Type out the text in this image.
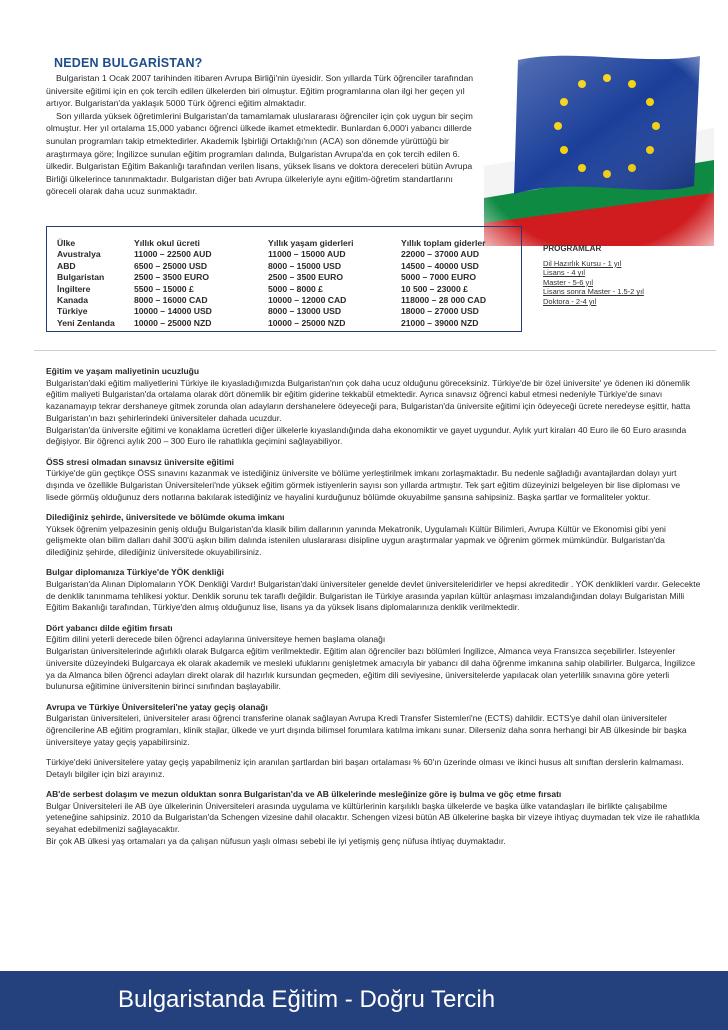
NEDEN BULGARİSTAN?

Bulgaristan 1 Ocak 2007 tarihinden itibaren Avrupa Birliği'nin üyesidir. Son yıllarda Türk öğrenciler tarafından üniversite eğitimi için en çok tercih edilen ülkelerden biri olmuştur. Eğitim programlarına olan ilgi her geçen yıl artıyor. Bulgaristan'da yaklaşık 5000 Türk öğrenci eğitim almaktadır.

Son yıllarda yüksek öğretimlerini Bulgaristan'da tamamlamak uluslararası öğrenciler için çok uygun bir seçim olmuştur. Her yıl ortalama 15,000 yabancı öğrenci ülkede ikamet etmektedir. Bunlardan 6,000'i yabancı dillerde sunulan programları takip etmektedirler. Akademik İşbirliği Ortaklığı'nın (ACA) son dönemde yürüttüğü bir araştırmaya göre; İngilizce sunulan eğitim programları dalında, Bulgaristan Avrupa'da en çok tercih edilen 6. ülkedir. Bulgaristan Eğitim Bakanlığı tarafından verilen lisans, yüksek lisans ve doktora dereceleri bütün Avrupa Birliği ülkelerince tanınmaktadır. Bulgaristan diğer batı Avrupa ülkeleriyle aynı eğitim-öğretim standartlarını göreceli olarak daha ucuz sunmaktadır.

Ülke	Yıllık okul ücreti	Yıllık yaşam giderleri	Yıllık toplam giderler
Avustralya	11000 – 22500 AUD	11000 – 15000 AUD	22000 – 37000 AUD
ABD	6500 – 25000 USD	8000 – 15000 USD	14500 – 40000 USD
Bulgaristan	2500 – 3500 EURO	2500 – 3500 EURO	5000 – 7000 EURO
İngiltere	5500 – 15000 £	5000 – 8000 £	10 500 – 23000 £
Kanada	8000 – 16000 CAD	10000 – 12000 CAD	118000 – 28 000 CAD
Türkiye	10000 – 14000 USD	8000 – 13000 USD	18000 – 27000 USD
Yeni Zenlanda	10000 – 25000 NZD	10000 – 25000 NZD	21000 – 39000 NZD
PROGRAMLAR
Dil Hazırlık Kursu - 1 yıl
Lisans - 4 yıl
Master - 5-6 yıl
Lisans sonra Master - 1.5-2 yıl
Doktora - 2-4 yıl
Eğitim ve yaşam maliyetinin ucuzluğu
Bulgaristan'daki eğitim maliyetlerini Türkiye ile kıyasladığımızda Bulgaristan'nın çok daha ucuz olduğunu göreceksiniz. Türkiye'de bir özel üniversite' ye ödenen iki dönemlik eğitim maliyeti Bulgaristan'da ortalama olarak dört dönemlik bir eğitim giderine tekkabül etmektedir. Ayrıca sınavsız öğrenci kabul etmesi nedeniyle Türkiye'de sınavı kazanamayıp tekrar dershaneye gitmek zorunda olan adayların dershanelere ödeyeceği para, Bulgaristan'da üniversite eğitimi için ödeyeceği ücrete neredeyse eşittir, hatta Bulgaristan'ın bazı şehirlerindeki üniversiteler dahada ucuzdur.
Bulgaristan'da üniversite eğitimi ve konaklama ücretleri diğer ülkelerle kıyaslandığında daha ekonomiktir ve gayet uygundur. Aylık yurt kiraları 40 Euro ile 60 Euro arasında değişiyor. Bir öğrenci aylık 200 – 300 Euro ile rahatlıkla geçimini sağlayabiliyor.
ÖSS stresi olmadan sınavsız üniversite eğitimi
Türkiye'de gün geçtikçe ÖSS sınavını kazanmak ve istediğiniz üniversite ve bölüme yerleştirilmek imkanı zorlaşmaktadır. Bu nedenle sağladığı avantajlardan dolayı yurt dışında ve özellikle Bulgaristan Üniversiteleri'nde yüksek eğitim görmek istiyenlerin sayısı son yıllarda artmıştır. Tek şart eğitim düzeyinizi belgeleyen bir lise diploması ve lisede görmüş olduğunuz ders notlarına bakılarak istediğiniz ve hayalini kurduğunuz bölümde okuyabilme şansına sahipsiniz. Başka şartlar ve formaliteler yoktur.
Dilediğiniz şehirde, üniversitede ve bölümde okuma imkanı
Yüksek öğrenim yelpazesinin geniş olduğu Bulgaristan'da klasik bilim dallarının yanında Mekatronik, Uygulamalı Kültür Bilimleri, Avrupa Kültür ve Ekonomisi gibi yeni gelişmekte olan bilim dalları dahil 300'ü aşkın bilim dalında istenilen uluslararası disipline uygun araştırmalar yapmak ve öğrenim görmek mümkündür. Bulgaristan'da dilediğiniz şehirde, dilediğiniz üniversitede okuyabilirsiniz.
Bulgar diplomanıza Türkiye'de YÖK denkliği
Bulgaristan'da Alınan Diplomaların YÖK Denkliği Vardır! Bulgaristan'daki üniversiteler genelde devlet üniversiteleridirler ve hepsi akreditedir . YÖK denklikleri vardır. Gelecekte de denklik tanınmama tehlikesi yoktur. Denklik sorunu tek taraflı değildir. Bulgaristan ile Türkiye arasında yapılan kültür anlaşması imzalandığından dolayı Bulgaristan Milli Eğitim Bakanlığı tarafından, Türkiye'den almış olduğunuz lise, lisans ya da yüksek lisans diplomalarınıza denklik verilmektedir.
Dört yabancı dilde eğitim fırsatı
Eğitim dilini yeterli derecede bilen öğrenci adaylarına üniversiteye hemen başlama olanağı
Bulgaristan üniversitelerinde ağırlıklı olarak Bulgarca eğitim verilmektedir. Eğitim alan öğrenciler bazı bölümleri İngilizce, Almanca veya Fransızca seçebilirler. İsteyenler üniversite düzeyindeki Bulgarcaya ek olarak akademik ve mesleki ufuklarını genişletmek amacıyla bir yabancı dil daha öğrenme imkanına sahip olabilirler. Bulgarca, İngilizce ya da Almanca bilen öğrenci adayları direkt olarak dil hazırlık kursundan geçmeden, eğitim dili seviyesine, üniversitelerde yapılacak olan yeterlilik sınavına göre yeterli bulunursa eğitimine üniversitenin birinci sınıfından başlayabilir.
Avrupa ve Türkiye Üniversiteleri'ne yatay geçiş olanağı
Bulgaristan üniversiteleri, üniversiteler arası öğrenci transferine olanak sağlayan Avrupa Kredi Transfer Sistemleri'ne (ECTS) dahildir. ECTS'ye dahil olan üniversiteler öğrencilerine AB eğitim programları, klinik stajlar, ülkede ve yurt dışında bilimsel forumlara katılma imkanı sunar. Dilerseniz daha sonra herhangi bir AB ülkesinde bir başka üniversiteye yatay geçiş yapabilirsiniz.
Türkiye'deki üniversitelere yatay geçiş yapabilmeniz için aranılan şartlardan biri başarı ortalaması % 60'ın üzerinde olması ve ikinci husus alt sınıftan derslerin kalmaması. Detaylı bilgiler için bizi arayınız.
AB'de serbest dolaşım ve mezun olduktan sonra Bulgaristan'da ve AB ülkelerinde mesleğinize göre iş bulma ve göç etme fırsatı
Bulgar Üniversiteleri ile AB üye ülkelerinin Üniversiteleri arasında uygulama ve kültürlerinin karşılıklı başka ülkelerde ve başka ülke vatandaşları ile birlikte çalışabilme yeteneğine sahipsiniz. 2010 da Bulgaristan'da Schengen vizesine dahil olacaktır. Schengen vizesi bütün AB ülkelerine başka bir vizeye ihtiyaç duymadan tek vize ile rahatlıkla seyahat edebilmenizi sağlayacaktır.
Bir çok AB ülkesi yaş ortamaları ya da çalışan nüfusun yaşlı olması sebebi ile iyi yetişmiş genç nüfusa ihtiyaç duymaktadır.
Bulgaristanda Eğitim - Doğru Tercih
